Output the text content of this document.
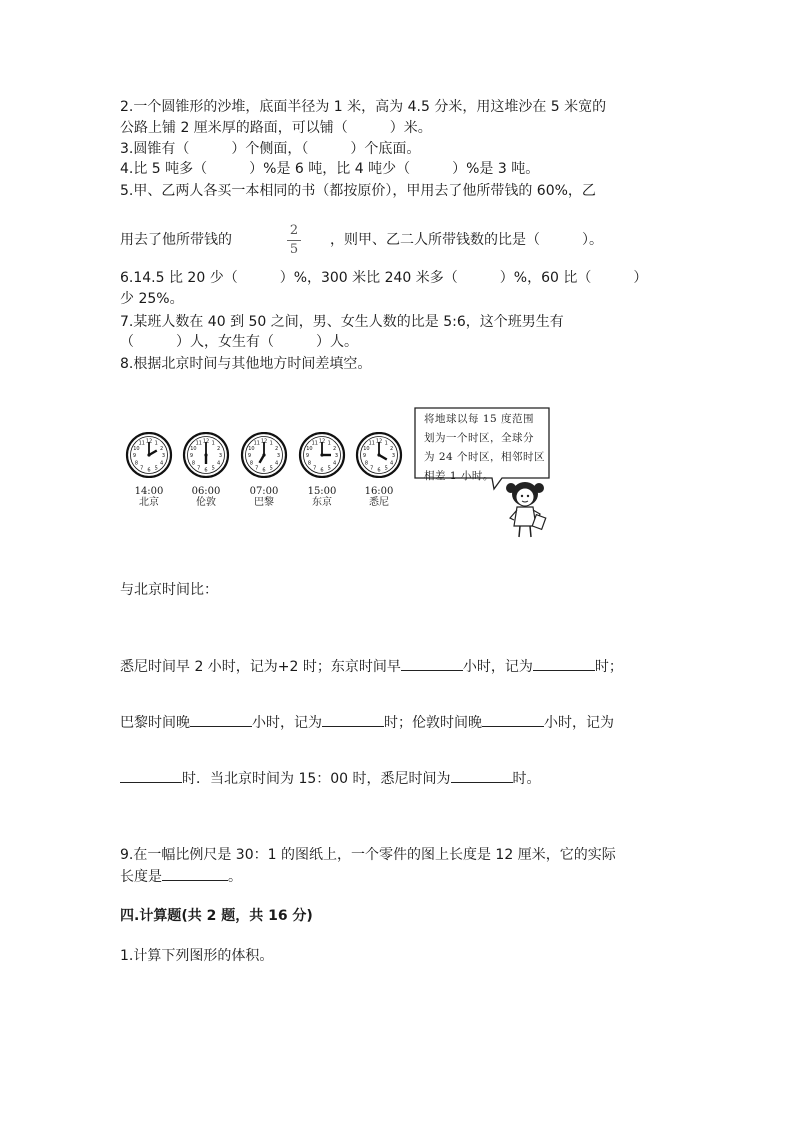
2.一个圆锥形的沙堆，底面半径为 1 米，高为 4.5 分米，用这堆沙在 5 米宽的
公路上铺 2 厘米厚的路面，可以铺（　　　）米。
3.圆锥有（　　　）个侧面，（　　　）个底面。
4.比 5 吨多（　　　）%是 6 吨，比 4 吨少（　　　）%是 3 吨。
5.甲、乙两人各买一本相同的书（都按原价），甲用去了他所带钱的 60%，乙
用去了他所带钱的
2
5
，则甲、乙二人所带钱数的比是（　　　）。
6.14.5 比 20 少（　　　）%，300 米比 240 米多（　　　）%，60 比（　　　）
少 25%。
7.某班人数在 40 到 50 之间，男、女生人数的比是 5:6，这个班男生有
（　　　）人，女生有（　　　）人。
8.根据北京时间与其他地方时间差填空。
1
2
3
4
5
6
7
8
9
10
11 12
14:00
北京
1
2
3
4
5
6
7
8
9
10
11 12
06:00
伦敦
1
2
3
4
5
6
7
8
9
10
11 12
07:00
巴黎
1
2
3
4
5
6
7
8
9
10
11 12
15:00
东京
1
2
3
4
5
6
7
8
9
10
11 12
16:00
悉尼
将地球以每 15 度范围
划为一个时区，全球分
为 24 个时区，相邻时区
相差 1 小时。
与北京时间比：
悉尼时间早 2 小时，记为+2 时；东京时间早	小时，记为	时；
巴黎时间晚	小时，记为	时；伦敦时间晚	小时，记为
时．当北京时间为 15：00 时，悉尼时间为	时。
9.在一幅比例尺是 30：1 的图纸上，一个零件的图上长度是 12 厘米，它的实际
长度是	。
四.计算题(共 2 题，共 16 分)
1.计算下列图形的体积。
